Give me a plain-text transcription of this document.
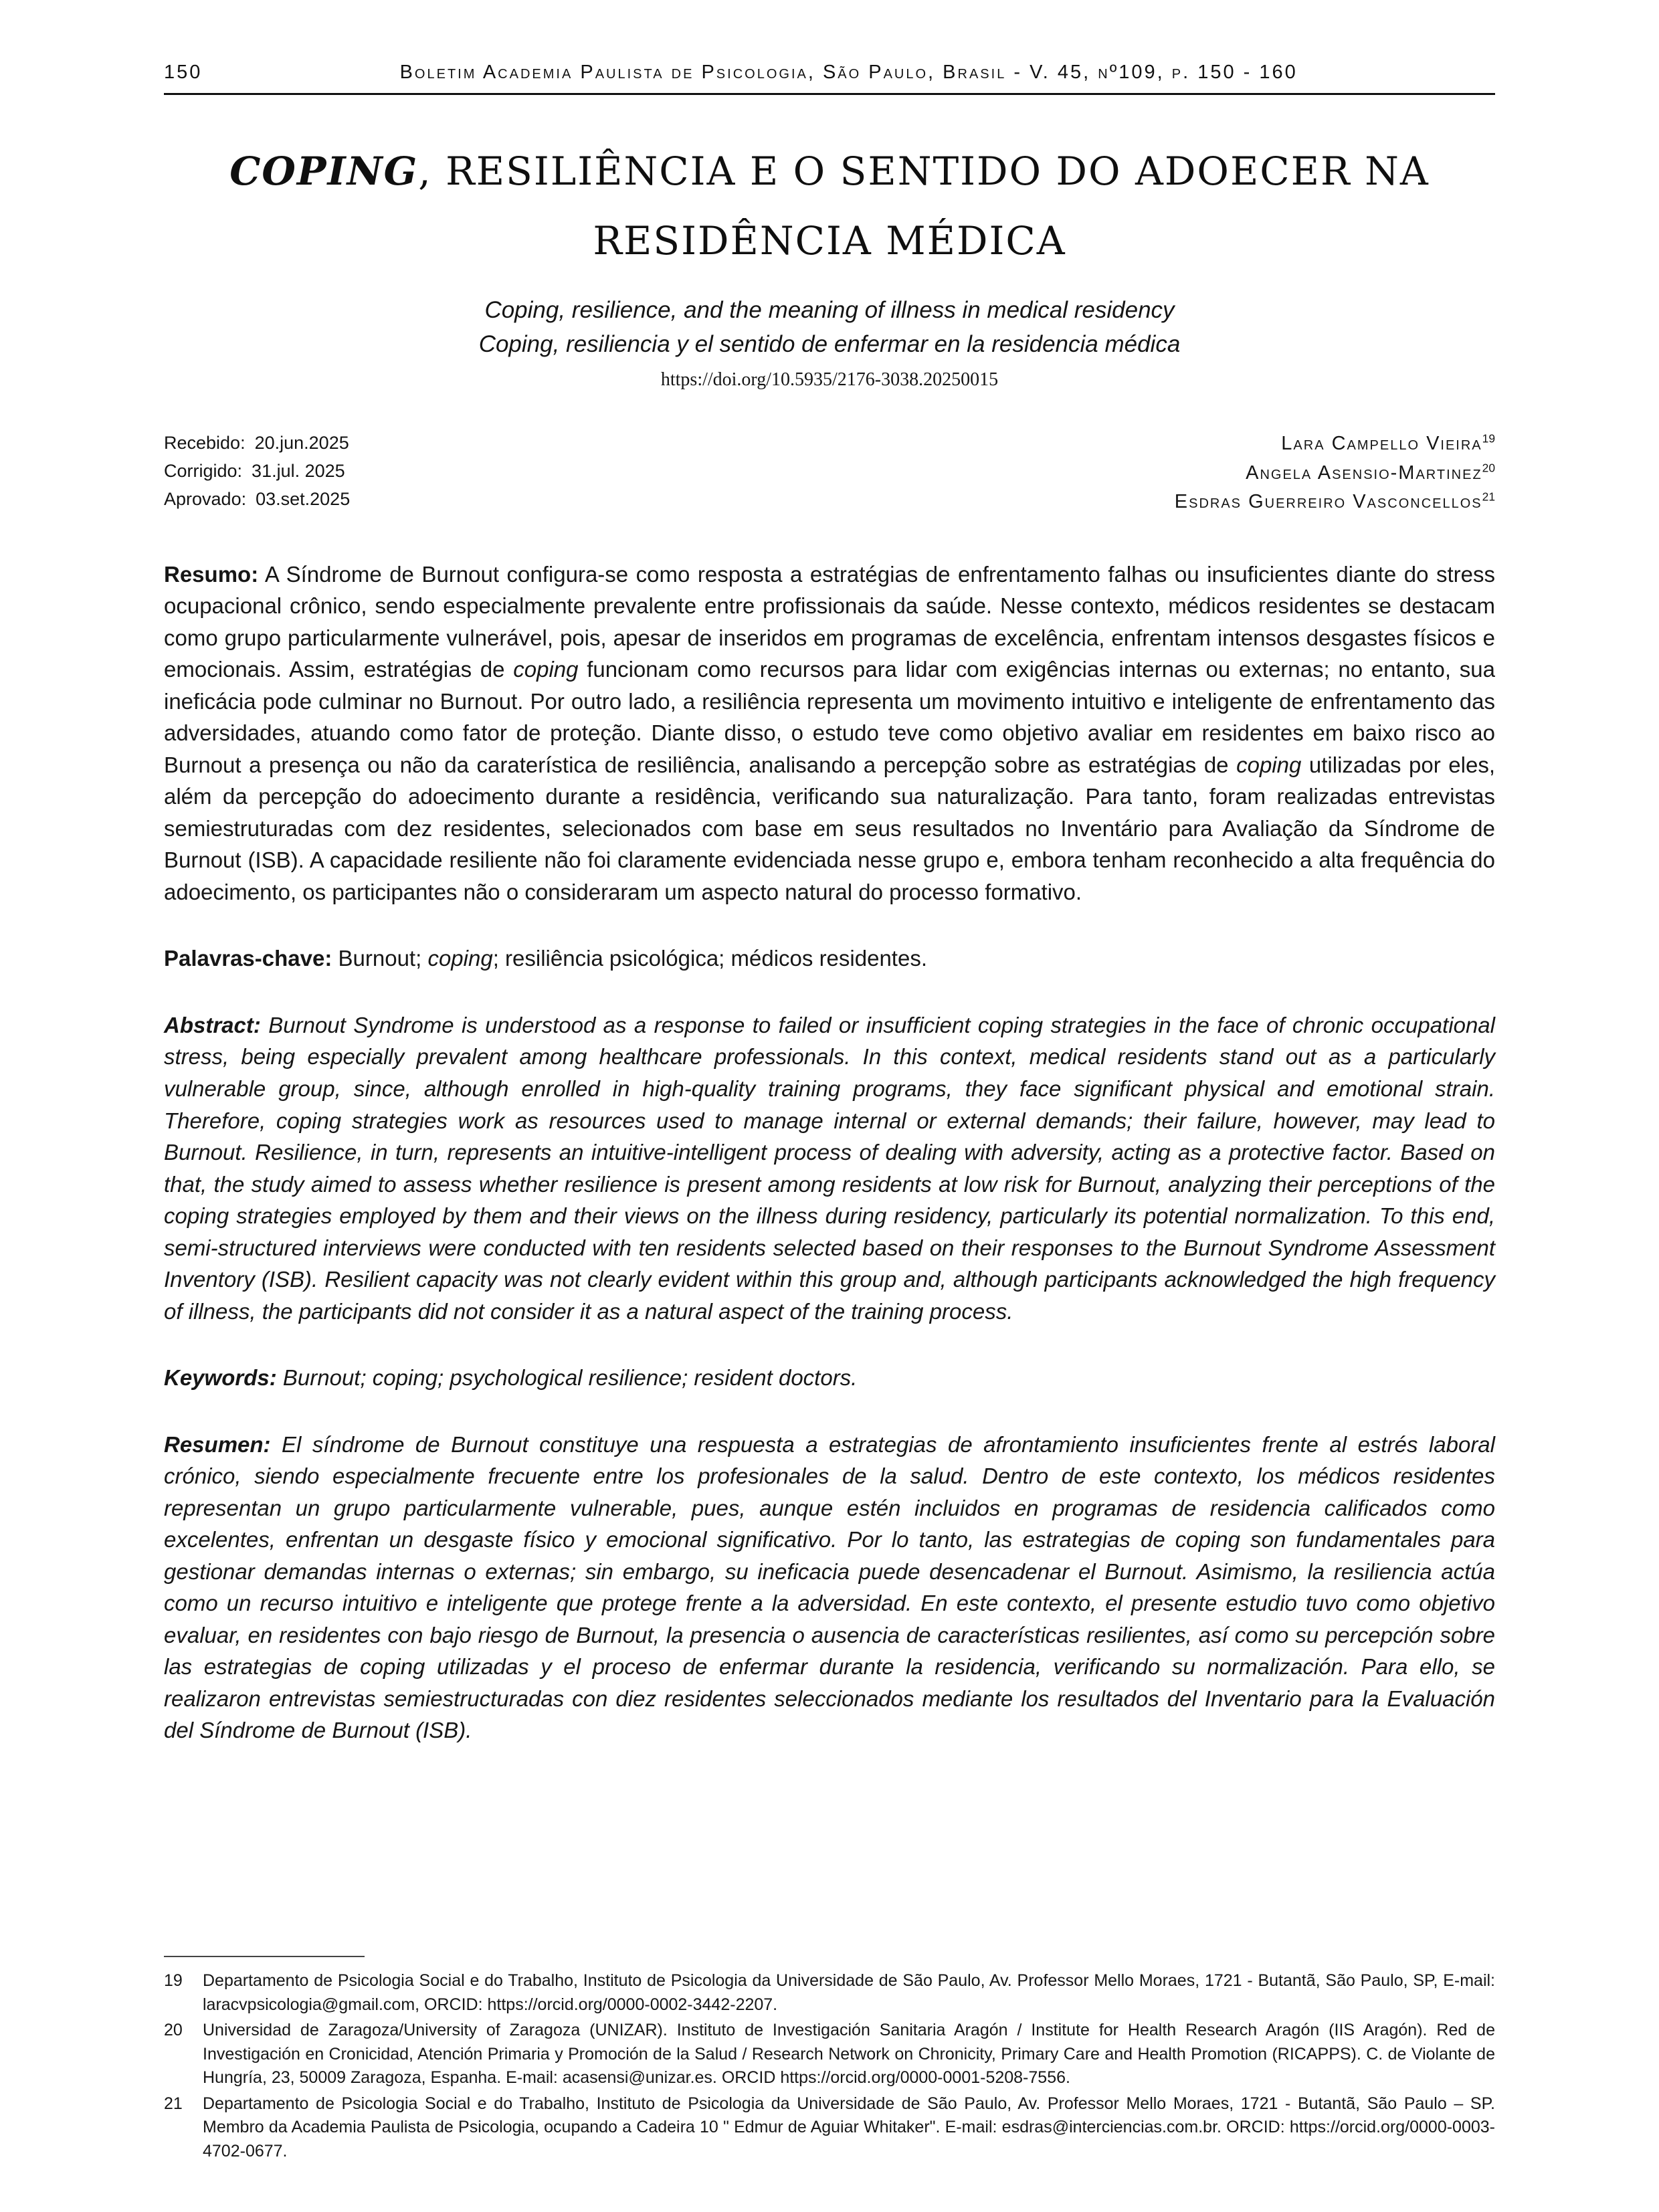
150	Boletim Academia Paulista de Psicologia, São Paulo, Brasil - V. 45, nº109, p. 150 - 160
COPING, RESILIÊNCIA E O SENTIDO DO ADOECER NA RESIDÊNCIA MÉDICA

Coping, resilience, and the meaning of illness in medical residency

Coping, resiliencia y el sentido de enfermar en la residencia médica

https://doi.org/10.5935/2176-3038.20250015

Recebido: 20.jun.2025
Corrigido: 31.jul. 2025
Aprovado: 03.set.2025
Lara Campello Vieira$^{19}$
Angela Asensio-Martinez$^{20}$
Esdras Guerreiro Vasconcellos$^{21}$

Resumo: A Síndrome de Burnout configura-se como resposta a estratégias de enfrentamento falhas ou insuficientes diante do stress ocupacional crônico, sendo especialmente prevalente entre profissionais da saúde. Nesse contexto, médicos residentes se destacam como grupo particularmente vulnerável, pois, apesar de inseridos em programas de excelência, enfrentam intensos desgastes físicos e emocionais. Assim, estratégias de coping funcionam como recursos para lidar com exigências internas ou externas; no entanto, sua ineficácia pode culminar no Burnout. Por outro lado, a resiliência representa um movimento intuitivo e inteligente de enfrentamento das adversidades, atuando como fator de proteção. Diante disso, o estudo teve como objetivo avaliar em residentes em baixo risco ao Burnout a presença ou não da caraterística de resiliência, analisando a percepção sobre as estratégias de coping utilizadas por eles, além da percepção do adoecimento durante a residência, verificando sua naturalização. Para tanto, foram realizadas entrevistas semiestruturadas com dez residentes, selecionados com base em seus resultados no Inventário para Avaliação da Síndrome de Burnout (ISB). A capacidade resiliente não foi claramente evidenciada nesse grupo e, embora tenham reconhecido a alta frequência do adoecimento, os participantes não o consideraram um aspecto natural do processo formativo.

Palavras-chave: Burnout; coping; resiliência psicológica; médicos residentes.

Abstract: Burnout Syndrome is understood as a response to failed or insufficient coping strategies in the face of chronic occupational stress, being especially prevalent among healthcare professionals. In this context, medical residents stand out as a particularly vulnerable group, since, although enrolled in high-quality training programs, they face significant physical and emotional strain. Therefore, coping strategies work as resources used to manage internal or external demands; their failure, however, may lead to Burnout. Resilience, in turn, represents an intuitive-intelligent process of dealing with adversity, acting as a protective factor. Based on that, the study aimed to assess whether resilience is present among residents at low risk for Burnout, analyzing their perceptions of the coping strategies employed by them and their views on the illness during residency, particularly its potential normalization. To this end, semi-structured interviews were conducted with ten residents selected based on their responses to the Burnout Syndrome Assessment Inventory (ISB). Resilient capacity was not clearly evident within this group and, although participants acknowledged the high frequency of illness, the participants did not consider it as a natural aspect of the training process.

Keywords: Burnout; coping; psychological resilience; resident doctors.

Resumen: El síndrome de Burnout constituye una respuesta a estrategias de afrontamiento insuficientes frente al estrés laboral crónico, siendo especialmente frecuente entre los profesionales de la salud. Dentro de este contexto, los médicos residentes representan un grupo particularmente vulnerable, pues, aunque estén incluidos en programas de residencia calificados como excelentes, enfrentan un desgaste físico y emocional significativo. Por lo tanto, las estrategias de coping son fundamentales para gestionar demandas internas o externas; sin embargo, su ineficacia puede desencadenar el Burnout. Asimismo, la resiliencia actúa como un recurso intuitivo e inteligente que protege frente a la adversidad. En este contexto, el presente estudio tuvo como objetivo evaluar, en residentes con bajo riesgo de Burnout, la presencia o ausencia de características resilientes, así como su percepción sobre las estrategias de coping utilizadas y el proceso de enfermar durante la residencia, verificando su normalización. Para ello, se realizaron entrevistas semiestructuradas con diez residentes seleccionados mediante los resultados del Inventario para la Evaluación del Síndrome de Burnout (ISB).

19	Departamento de Psicologia Social e do Trabalho, Instituto de Psicologia da Universidade de São Paulo, Av. Professor Mello Moraes, 1721 - Butantã, São Paulo, SP, E-mail: laracvpsicologia@gmail.com, ORCID: https://orcid.org/0000-0002-3442-2207.
20	Universidad de Zaragoza/University of Zaragoza (UNIZAR). Instituto de Investigación Sanitaria Aragón / Institute for Health Research Aragón (IIS Aragón). Red de Investigación en Cronicidad, Atención Primaria y Promoción de la Salud / Research Network on Chronicity, Primary Care and Health Promotion (RICAPPS). C. de Violante de Hungría, 23, 50009 Zaragoza, Espanha. E-mail: acasensi@unizar.es. ORCID https://orcid.org/0000-0001-5208-7556.
21	Departamento de Psicologia Social e do Trabalho, Instituto de Psicologia da Universidade de São Paulo, Av. Professor Mello Moraes, 1721 - Butantã, São Paulo – SP. Membro da Academia Paulista de Psicologia, ocupando a Cadeira 10 " Edmur de Aguiar Whitaker". E-mail: esdras@interciencias.com.br. ORCID: https://orcid.org/0000-0003-4702-0677.
